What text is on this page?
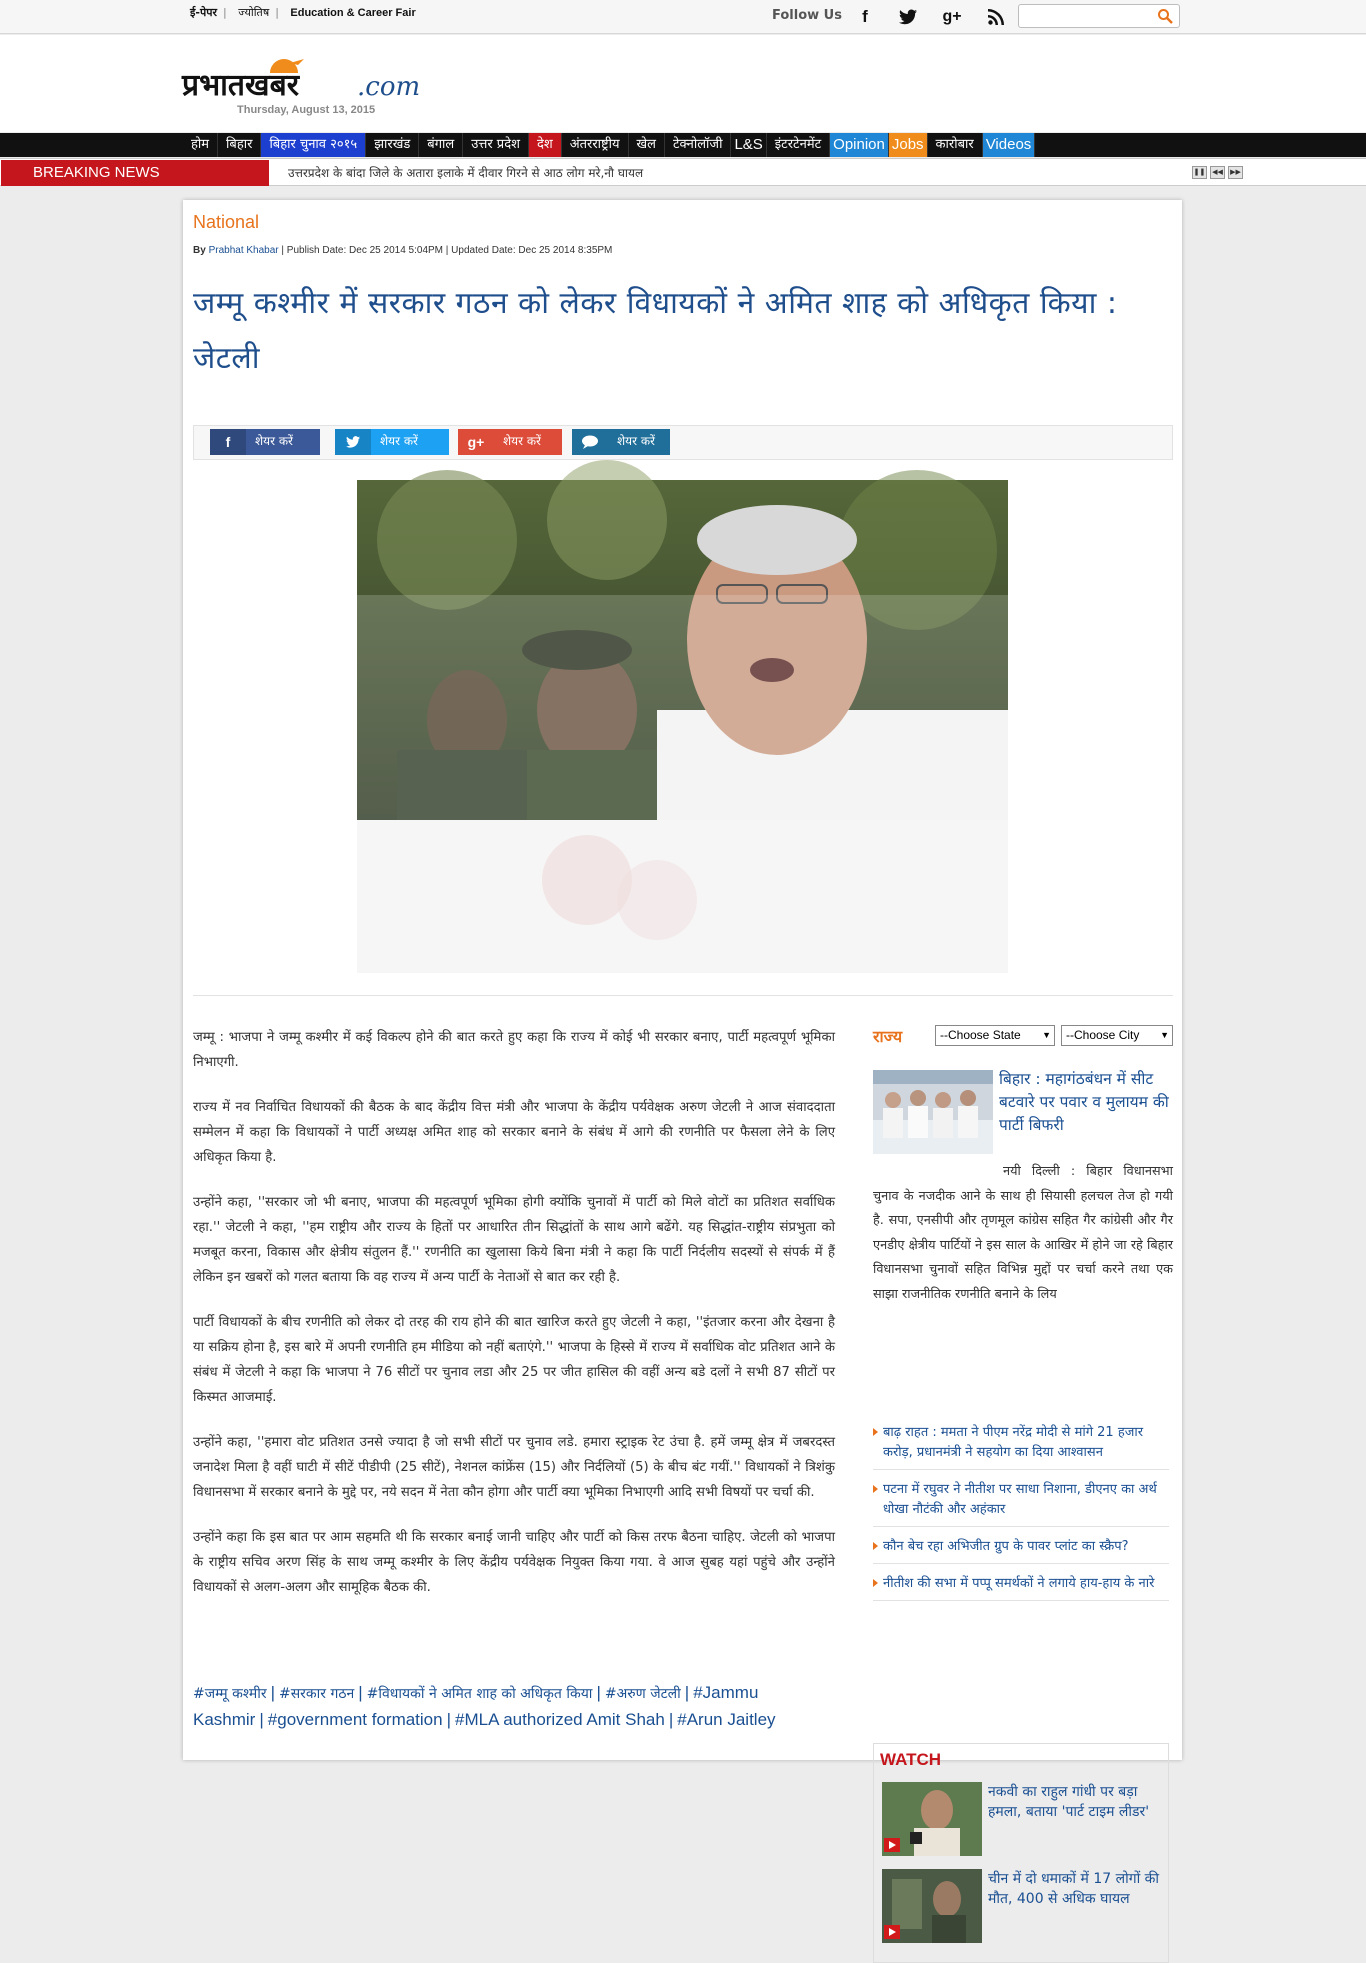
ई-पेपर | ज्योतिष | Education & Career Fair	Follow Us	f	g+
प्रभातखबर .com
Thursday, August 13, 2015
होम	बिहार	बिहार चुनाव २०१५	झारखंड	बंगाल	उत्तर प्रदेश	देश	अंतरराष्ट्रीय	खेल	टेक्नोलॉजी L&S इंटरटेनमेंट Opinion Jobs कारोबार Videos
BREAKING NEWS	उत्तरप्रदेश के बांदा जिले के अतारा इलाके में दीवार गिरने से आठ लोग मरे,नौ घायल	❚❚ ◀◀	▶▶
National
By Prabhat Khabar | Publish Date: Dec 25 2014 5:04PM | Updated Date: Dec 25 2014 8:35PM
जम्मू कश्मीर में सरकार गठन को लेकर विधायकों ने अमित शाह को अधिकृत किया : जेटली
f	शेयर करें	शेयर करें	g+	शेयर करें	शेयर करें

जम्मू : भाजपा ने जम्मू कश्मीर में कई विकल्प होने की बात करते हुए कहा कि राज्य में कोई भी सरकार बनाए, पार्टी महत्वपूर्ण भूमिका निभाएगी.

राज्य में नव निर्वाचित विधायकों की बैठक के बाद केंद्रीय वित्त मंत्री और भाजपा के केंद्रीय पर्यवेक्षक अरुण जेटली ने आज संवाददाता सम्मेलन में कहा कि विधायकों ने पार्टी अध्यक्ष अमित शाह को सरकार बनाने के संबंध में आगे की रणनीति पर फैसला लेने के लिए अधिकृत किया है.

उन्होंने कहा, ''सरकार जो भी बनाए, भाजपा की महत्वपूर्ण भूमिका होगी क्योंकि चुनावों में पार्टी को मिले वोटों का प्रतिशत सर्वाधिक रहा.'' जेटली ने कहा, ''हम राष्ट्रीय और राज्य के हितों पर आधारित तीन सिद्धांतों के साथ आगे बढेंगे. यह सिद्धांत-राष्ट्रीय संप्रभुता को मजबूत करना, विकास और क्षेत्रीय संतुलन हैं.'' रणनीति का खुलासा किये बिना मंत्री ने कहा कि पार्टी निर्दलीय सदस्यों से संपर्क में हैं लेकिन इन खबरों को गलत बताया कि वह राज्य में अन्य पार्टी के नेताओं से बात कर रही है.

पार्टी विधायकों के बीच रणनीति को लेकर दो तरह की राय होने की बात खारिज करते हुए जेटली ने कहा, ''इंतजार करना और देखना है या सक्रिय होना है, इस बारे में अपनी रणनीति हम मीडिया को नहीं बताएंगे.'' भाजपा के हिस्से में राज्य में सर्वाधिक वोट प्रतिशत आने के संबंध में जेटली ने कहा कि भाजपा ने 76 सीटों पर चुनाव लडा और 25 पर जीत हासिल की वहीं अन्य बडे दलों ने सभी 87 सीटों पर किस्मत आजमाई.

उन्होंने कहा, ''हमारा वोट प्रतिशत उनसे ज्यादा है जो सभी सीटों पर चुनाव लडे. हमारा स्ट्राइक रेट उंचा है. हमें जम्मू क्षेत्र में जबरदस्त जनादेश मिला है वहीं घाटी में सीटें पीडीपी (25 सीटें), नेशनल कांफ्रेंस (15) और निर्दलियों (5) के बीच बंट गयीं.'' विधायकों ने त्रिशंकु विधानसभा में सरकार बनाने के मुद्दे पर, नये सदन में नेता कौन होगा और पार्टी क्या भूमिका निभाएगी आदि सभी विषयों पर चर्चा की.

उन्होंने कहा कि इस बात पर आम सहमति थी कि सरकार बनाई जानी चाहिए और पार्टी को किस तरफ बैठना चाहिए. जेटली को भाजपा के राष्ट्रीय सचिव अरण सिंह के साथ जम्मू कश्मीर के लिए केंद्रीय पर्यवेक्षक नियुक्त किया गया. वे आज सुबह यहां पहुंचे और उन्होंने विधायकों से अलग-अलग और सामूहिक बैठक की.

#जम्मू कश्मीर | #सरकार गठन | #विधायकों ने अमित शाह को अधिकृत किया | #अरुण जेटली | #Jammu Kashmir | #government formation | #MLA authorized Amit Shah | #Arun Jaitley
राज्य	--Choose State ▼	--Choose City ▼
बिहार : महागंठबंधन में सीट बटवारे पर पवार व मुलायम की पार्टी बिफरी
नयी दिल्ली : बिहार विधानसभा चुनाव के नजदीक आने के साथ ही सियासी हलचल तेज हो गयी है. सपा, एनसीपी और तृणमूल कांग्रेस सहित गैर कांग्रेसी और गैर एनडीए क्षेत्रीय पार्टियों ने इस साल के आखिर में होने जा रहे बिहार विधानसभा चुनावों सहित विभिन्न मुद्दों पर चर्चा करने तथा एक साझा राजनीतिक रणनीति बनाने के लिय
बाढ़ राहत : ममता ने पीएम नरेंद्र मोदी से मांगे 21 हजार करोड़, प्रधानमंत्री ने सहयोग का दिया आश्वासन
पटना में रघुवर ने नीतीश पर साधा निशाना, डीएनए का अर्थ धोखा नौटंकी और अहंकार
कौन बेच रहा अभिजीत ग्रुप के पावर प्लांट का स्क्रैप?
नीतीश की सभा में पप्पू समर्थकों ने लगाये हाय-हाय के नारे
WATCH
नकवी का राहुल गांधी पर बड़ा हमला, बताया 'पार्ट टाइम लीडर'
चीन में दो धमाकों में 17 लोगों की मौत, 400 से अधिक घायल
